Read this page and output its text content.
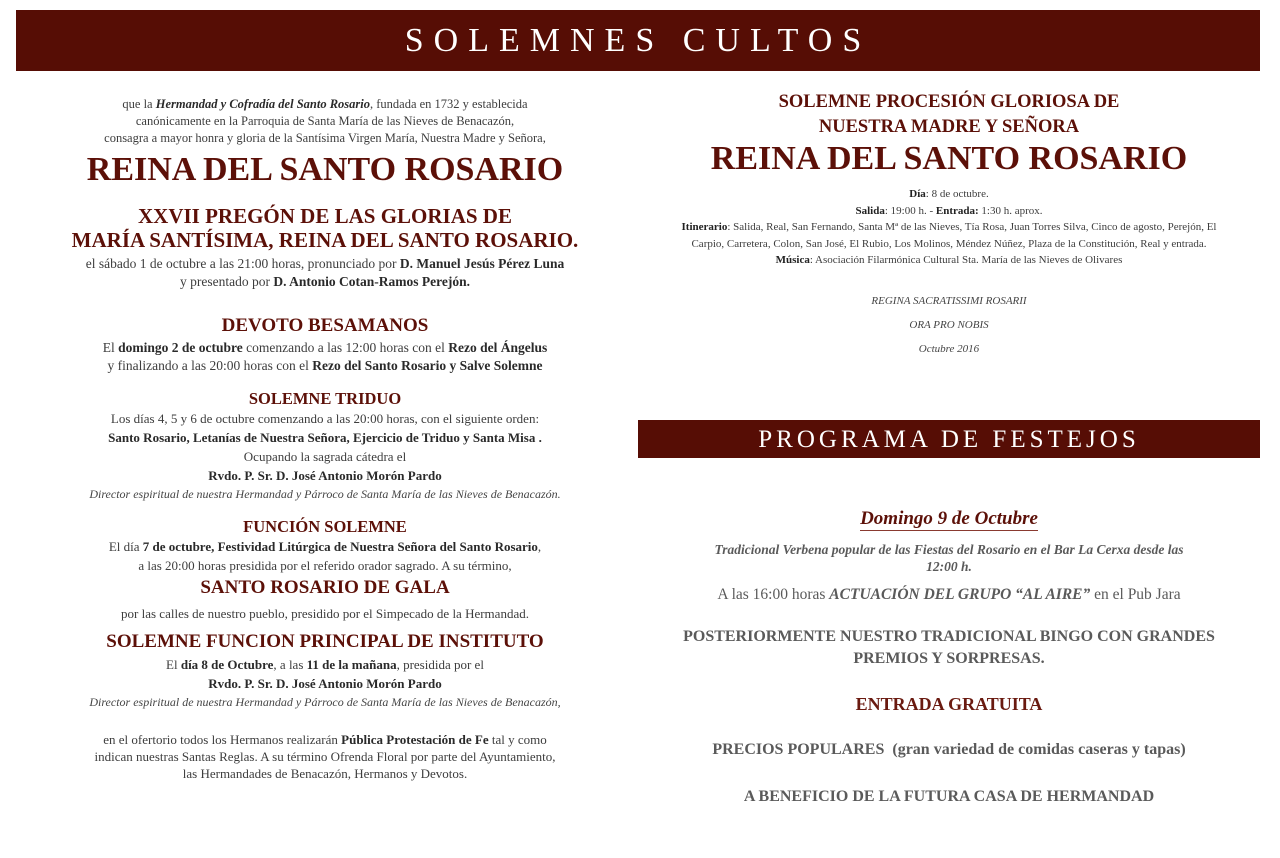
SOLEMNES CULTOS

que la Hermandad y Cofradía del Santo Rosario, fundada en 1732 y establecida

canónicamente en la Parroquia de Santa María de las Nieves de Benacazón,

consagra a mayor honra y gloria de la Santísima Virgen María, Nuestra Madre y Señora,

REINA DEL SANTO ROSARIO

XXVII PREGÓN DE LAS GLORIAS DE

MARÍA SANTÍSIMA, REINA DEL SANTO ROSARIO.

el sábado 1 de octubre a las 21:00 horas, pronunciado por D. Manuel Jesús Pérez Luna

y presentado por D. Antonio Cotan-Ramos Perejón.

DEVOTO BESAMANOS

El domingo 2 de octubre comenzando a las 12:00 horas con el Rezo del Ángelus

y finalizando a las 20:00 horas con el Rezo del Santo Rosario y Salve Solemne

SOLEMNE TRIDUO

Los días 4, 5 y 6 de octubre comenzando a las 20:00 horas, con el siguiente orden:

Santo Rosario, Letanías de Nuestra Señora, Ejercicio de Triduo y Santa Misa .

Ocupando la sagrada cátedra el

Rvdo. P. Sr. D. José Antonio Morón Pardo

Director espiritual de nuestra Hermandad y Párroco de Santa María de las Nieves de Benacazón.

FUNCIÓN SOLEMNE

El día 7 de octubre, Festividad Litúrgica de Nuestra Señora del Santo Rosario,

a las 20:00 horas presidida por el referido orador sagrado. A su término,

SANTO ROSARIO DE GALA

por las calles de nuestro pueblo, presidido por el Simpecado de la Hermandad.

SOLEMNE FUNCION PRINCIPAL DE INSTITUTO

El día 8 de Octubre, a las 11 de la mañana, presidida por el

Rvdo. P. Sr. D. José Antonio Morón Pardo

Director espiritual de nuestra Hermandad y Párroco de Santa María de las Nieves de Benacazón,

en el ofertorio todos los Hermanos realizarán Pública Protestación de Fe tal y como

indican nuestras Santas Reglas. A su término Ofrenda Floral por parte del Ayuntamiento,

las Hermandades de Benacazón, Hermanos y Devotos.

SOLEMNE PROCESIÓN GLORIOSA DE

NUESTRA MADRE Y SEÑORA

REINA DEL SANTO ROSARIO

Día: 8 de octubre.

Salida: 19:00 h. - Entrada: 1:30 h. aprox.

Itinerario: Salida, Real, San Fernando, Santa Mª de las Nieves, Tía Rosa, Juan Torres Silva, Cinco de agosto, Perejón, El

Carpio, Carretera, Colon, San José, El Rubio, Los Molinos, Méndez Núñez, Plaza de la Constitución, Real y entrada.

Música: Asociación Filarmónica Cultural Sta. María de las Nieves de Olivares

REGINA SACRATISSIMI ROSARII

ORA PRO NOBIS

Octubre 2016

PROGRAMA DE FESTEJOS
Domingo 9 de Octubre

Tradicional Verbena popular de las Fiestas del Rosario en el Bar La Cerxa desde las

12:00 h.

A las 16:00 horas ACTUACIÓN DEL GRUPO “AL AIRE” en el Pub Jara

POSTERIORMENTE NUESTRO TRADICIONAL BINGO CON GRANDES

PREMIOS Y SORPRESAS.

ENTRADA GRATUITA

PRECIOS POPULARES  (gran variedad de comidas caseras y tapas)

A BENEFICIO DE LA FUTURA CASA DE HERMANDAD
